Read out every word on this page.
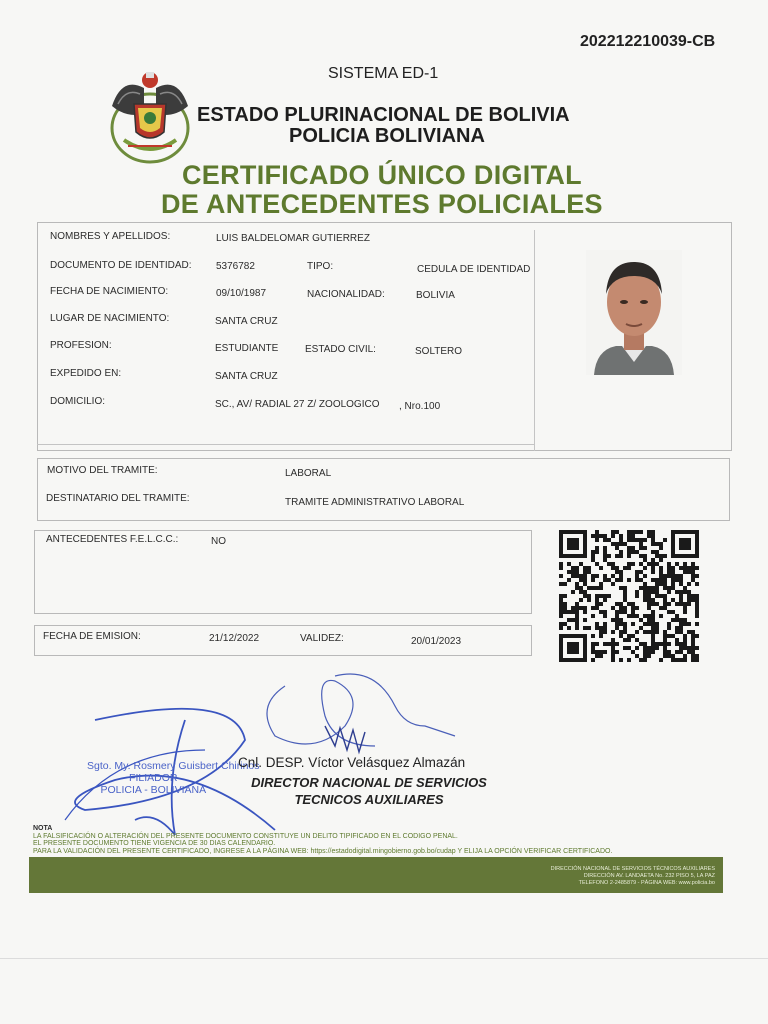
202212210039-CB
SISTEMA ED-1
ESTADO PLURINACIONAL DE BOLIVIA
POLICIA BOLIVIANA
CERTIFICADO ÚNICO DIGITAL
DE ANTECEDENTES POLICIALES
NOMBRES Y APELLIDOS:	LUIS BALDELOMAR GUTIERREZ
DOCUMENTO DE IDENTIDAD: 5376782	TIPO:	CEDULA DE IDENTIDAD
FECHA DE NACIMIENTO:	09/10/1987	NACIONALIDAD:	BOLIVIA
LUGAR DE NACIMIENTO:	SANTA CRUZ
PROFESION:	ESTUDIANTE	ESTADO CIVIL:	SOLTERO
EXPEDIDO EN:	SANTA CRUZ
DOMICILIO:	SC., AV/ RADIAL 27 Z/ ZOOLOGICO , Nro.100
MOTIVO DEL TRAMITE:	LABORAL
DESTINATARIO DEL TRAMITE:	TRAMITE ADMINISTRATIVO LABORAL
ANTECEDENTES F.E.L.C.C.:	NO
FECHA DE EMISION:	21/12/2022	VALIDEZ:	20/01/2023
Sgto. My. Rosmery Guisbert Chirinos
FILIADOR
POLICIA - BOLIVIANA
Cnl. DESP. Víctor Velásquez Almazán
DIRECTOR NACIONAL DE SERVICIOS
TECNICOS AUXILIARES
NOTA
LA FALSIFICACIÓN O ALTERACIÓN DEL PRESENTE DOCUMENTO CONSTITUYE UN DELITO TIPIFICADO EN EL CODIGO PENAL.
EL PRESENTE DOCUMENTO TIENE VIGENCIA DE 30 DIAS CALENDARIO.
PARA LA VALIDACIÓN DEL PRESENTE CERTIFICADO, INGRESE A LA PÁGINA WEB: https://estadodigital.mingobierno.gob.bo/cudap Y ELIJA LA OPCIÓN VERIFICAR CERTIFICADO.
DIRECCIÓN NACIONAL DE SERVICIOS TÉCNICOS AUXILIARES
DIRECCIÓN AV. LANDAETA No. 232 PISO 5, LA PAZ
TELEFONO 2-2485879 - PÁGINA WEB: www.policia.bo
